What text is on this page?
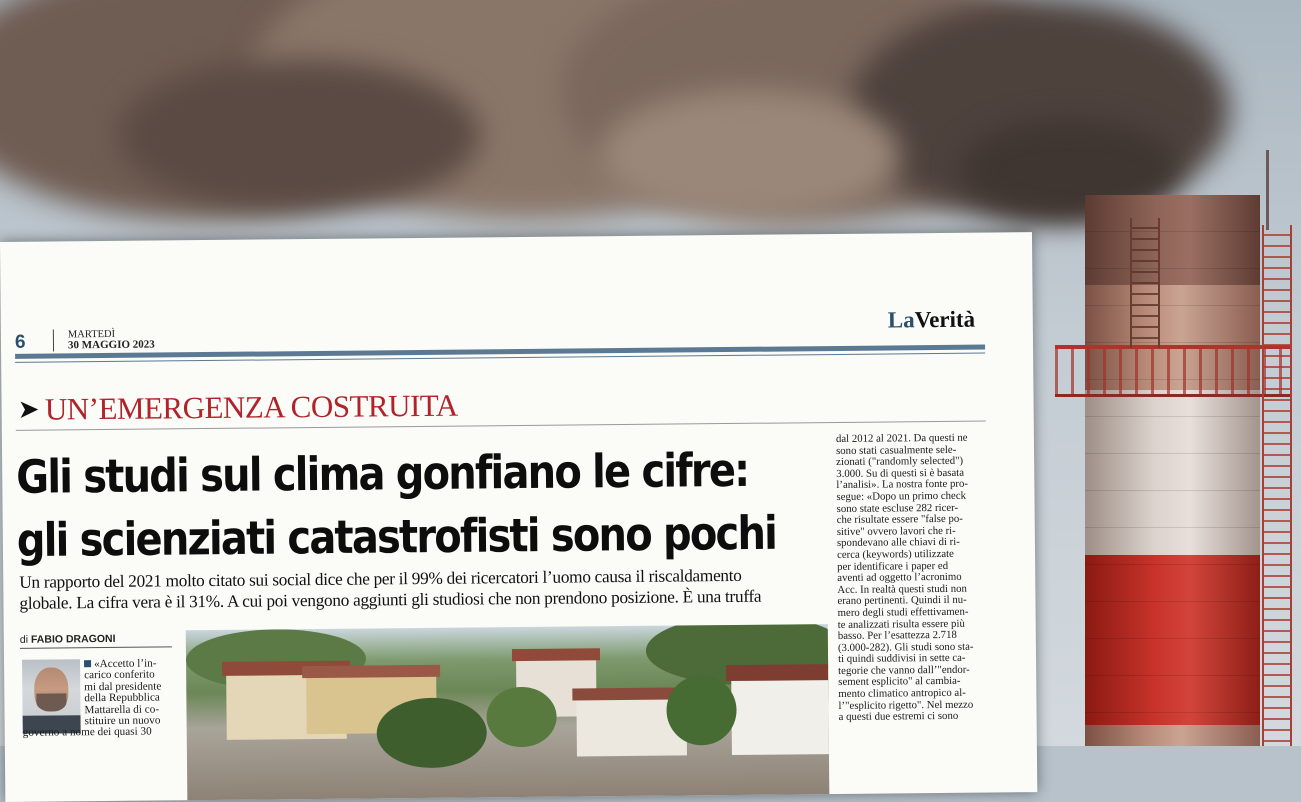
6	MARTEDÌ
30 MAGGIO 2023
LaVerità
➤ UN’EMERGENZA COSTRUITA
Gli studi sul clima gonfiano le cifre:
gli scienziati catastrofisti sono pochi
Un rapporto del 2021 molto citato sui social dice che per il 99% dei ricercatori l’uomo causa il riscaldamento
globale. La cifra vera è il 31%. A cui poi vengono aggiunti gli studiosi che non prendono posizione. È una truffa
di FABIO DRAGONI
«Accetto l’in-
carico conferito
mi dal presidente
della Repubblica
Mattarella di co-
stituire un nuovo
governo a nome dei quasi 30
dal 2012 al 2021. Da questi ne
sono stati casualmente sele-
zionati ("randomly selected")
3.000. Su di questi si è basata
l’analisi». La nostra fonte pro-
segue: «Dopo un primo check
sono state escluse 282 ricer-
che risultate essere "false po-
sitive" ovvero lavori che ri-
spondevano alle chiavi di ri-
cerca (keywords) utilizzate
per identificare i paper ed
aventi ad oggetto l’acronimo
Acc. In realtà questi studi non
erano pertinenti. Quindi il nu-
mero degli studi effettivamen-
te analizzati risulta essere più
basso. Per l’esattezza 2.718
(3.000-282). Gli studi sono sta-
ti quindi suddivisi in sette ca-
tegorie che vanno dall’"endor-
sement esplicito" al cambia-
mento climatico antropico al-
l’"esplicito rigetto". Nel mezzo
a questi due estremi ci sono
